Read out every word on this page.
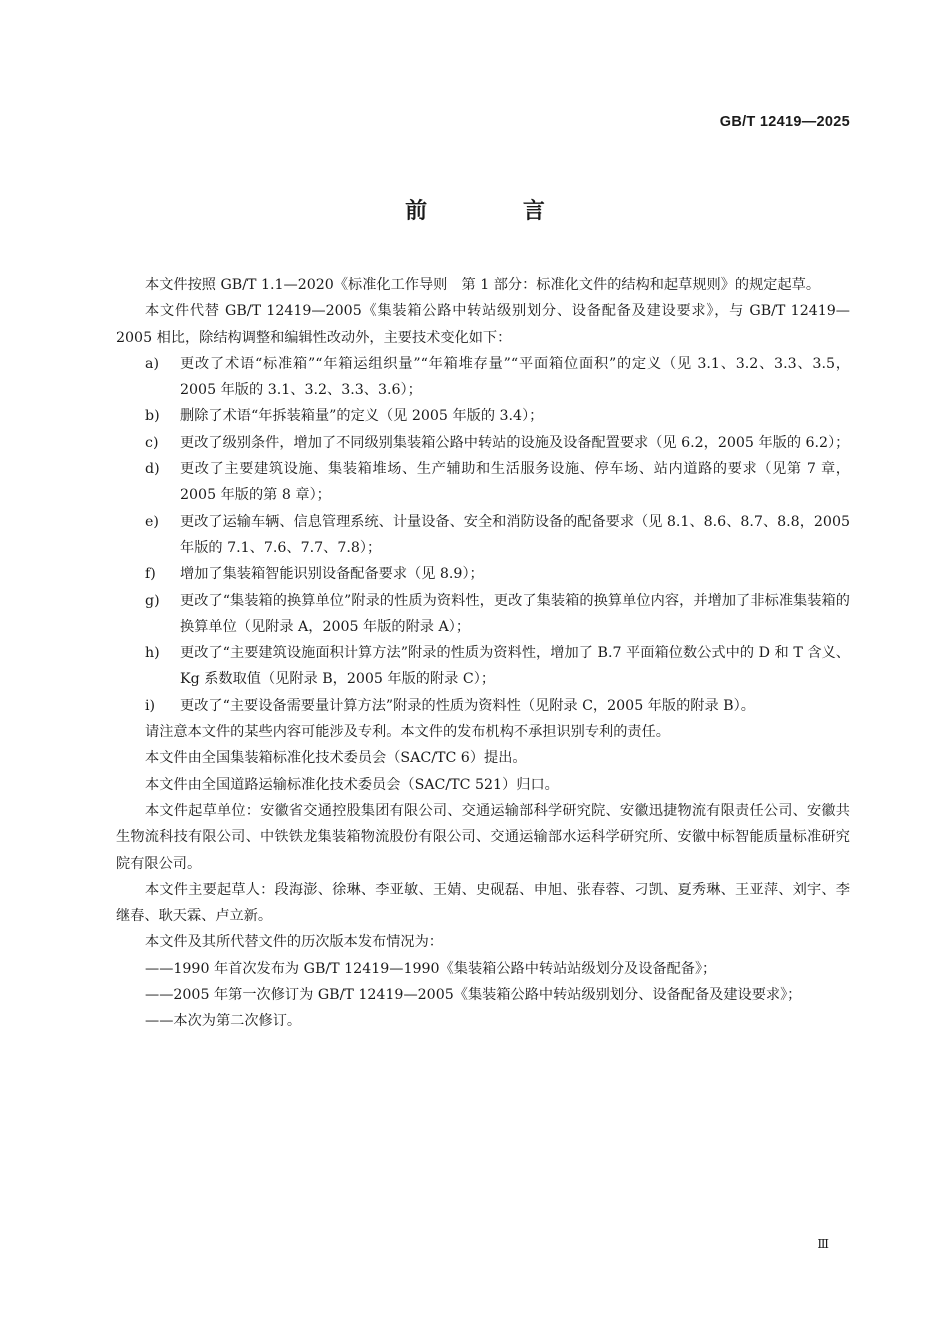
GB/T 12419—2025
前 言

本文件按照 GB/T 1.1—2020《标准化工作导则　第 1 部分：标准化文件的结构和起草规则》的规定起草。

本文件代替 GB/T 12419—2005《集装箱公路中转站级别划分、设备配备及建设要求》，与 GB/T 12419—2005 相比，除结构调整和编辑性改动外，主要技术变化如下：

a)	更改了术语“标准箱”“年箱运组织量”“年箱堆存量”“平面箱位面积”的定义（见 3.1、3.2、3.3、3.5，2005 年版的 3.1、3.2、3.3、3.6）；
b)	删除了术语“年拆装箱量”的定义（见 2005 年版的 3.4）；
c)	更改了级别条件，增加了不同级别集装箱公路中转站的设施及设备配置要求（见 6.2，2005 年版的 6.2）；
d)	更改了主要建筑设施、集装箱堆场、生产辅助和生活服务设施、停车场、站内道路的要求（见第 7 章，2005 年版的第 8 章）；
e)	更改了运输车辆、信息管理系统、计量设备、安全和消防设备的配备要求（见 8.1、8.6、8.7、8.8，2005 年版的 7.1、7.6、7.7、7.8）；
f)	增加了集装箱智能识别设备配备要求（见 8.9）；
g)	更改了“集装箱的换算单位”附录的性质为资料性，更改了集装箱的换算单位内容，并增加了非标准集装箱的换算单位（见附录 A，2005 年版的附录 A）；
h)	更改了“主要建筑设施面积计算方法”附录的性质为资料性，增加了 B.7 平面箱位数公式中的 D 和 T 含义、Kg 系数取值（见附录 B，2005 年版的附录 C）；
i)	更改了“主要设备需要量计算方法”附录的性质为资料性（见附录 C，2005 年版的附录 B）。

请注意本文件的某些内容可能涉及专利。本文件的发布机构不承担识别专利的责任。

本文件由全国集装箱标准化技术委员会（SAC/TC 6）提出。

本文件由全国道路运输标准化技术委员会（SAC/TC 521）归口。

本文件起草单位：安徽省交通控股集团有限公司、交通运输部科学研究院、安徽迅捷物流有限责任公司、安徽共生物流科技有限公司、中铁铁龙集装箱物流股份有限公司、交通运输部水运科学研究所、安徽中标智能质量标准研究院有限公司。

本文件主要起草人：段海澎、徐琳、李亚敏、王婧、史砚磊、申旭、张春蓉、刁凯、夏秀琳、王亚萍、刘宇、李继春、耿天霖、卢立新。

本文件及其所代替文件的历次版本发布情况为：

——1990 年首次发布为 GB/T 12419—1990《集装箱公路中转站站级划分及设备配备》；

——2005 年第一次修订为 GB/T 12419—2005《集装箱公路中转站级别划分、设备配备及建设要求》；

——本次为第二次修订。

Ⅲ
